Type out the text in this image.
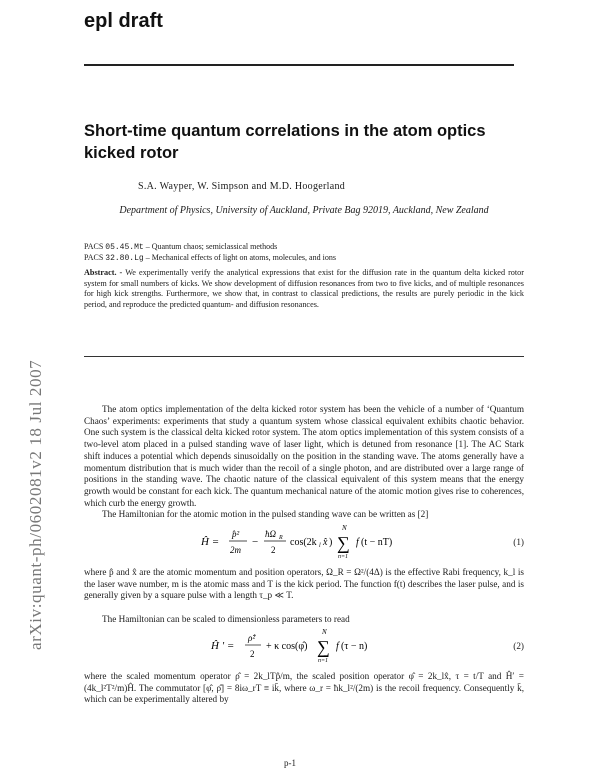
epl draft
Short-time quantum correlations in the atom optics kicked rotor
S.A. Wayper, W. Simpson and M.D. Hoogerland
Department of Physics, University of Auckland, Private Bag 92019, Auckland, New Zealand
PACS 05.45.Mt – Quantum chaos; semiclassical methods
PACS 32.80.Lg – Mechanical effects of light on atoms, molecules, and ions
Abstract. - We experimentally verify the analytical expressions that exist for the diffusion rate in the quantum delta kicked rotor system for small numbers of kicks. We show development of diffusion resonances from two to five kicks, and of multiple resonances for high kick strengths. Furthermore, we show that, in contrast to classical predictions, the results are purely periodic in the kick period, and reproduce the predicted quantum- and diffusion resonances.
The atom optics implementation of the delta kicked rotor system has been the vehicle of a number of ‘Quantum Chaos’ experiments: experiments that study a quantum system whose classical equivalent exhibits chaotic behavior. One such system is the classical delta kicked rotor system. The atom optics implementation of this system consists of a two-level atom placed in a pulsed standing wave of laser light, which is detuned from resonance [1]. The AC Stark shift induces a potential which depends sinusoidally on the position in the standing wave. The atoms generally have a momentum distribution that is much wider than the recoil of a single photon, and are distributed over a large range of positions in the standing wave. The chaotic nature of the classical equivalent of this system means that the energy growth would be constant for each kick. The quantum mechanical nature of the atomic motion gives rise to coherences, which curb the energy growth.
The Hamiltonian for the atomic motion in the pulsed standing wave can be written as [2]
Ĥ =
p̂²
2m
−
ħΩ R
2
cos(2k l x̂ )
N
∑
n=1
f (t − nT)	(1)
where p̂ and x̂ are the atomic momentum and position operators, Ω_R = Ω²/(4Δ) is the effective Rabi frequency, k_l is the laser wave number, m is the atomic mass and T is the kick period. The function f(t) describes the laser pulse, and is generally given by a square pulse with a length τ_p ≪ T.
The Hamiltonian can be scaled to dimensionless parameters to read
Ĥ ′ =
ρ̂²
2
+ κ cos(φ̂)
N
∑
n=1
f (τ − n)	(2)
where the scaled momentum operator ρ̂ = 2k_lTp̂/m, the scaled position operator φ̂ = 2k_lx̂, τ = t/T and Ĥ′ = (4k_l²T²/m)Ĥ. The commutator [φ̂, ρ̂] = 8iω_rT ≡ ik̄, where ω_r = ħk_l²/(2m) is the recoil frequency. Consequently k̄, which can be experimentally altered by
arXiv:quant-ph/0602081v2 18 Jul 2007
p-1
